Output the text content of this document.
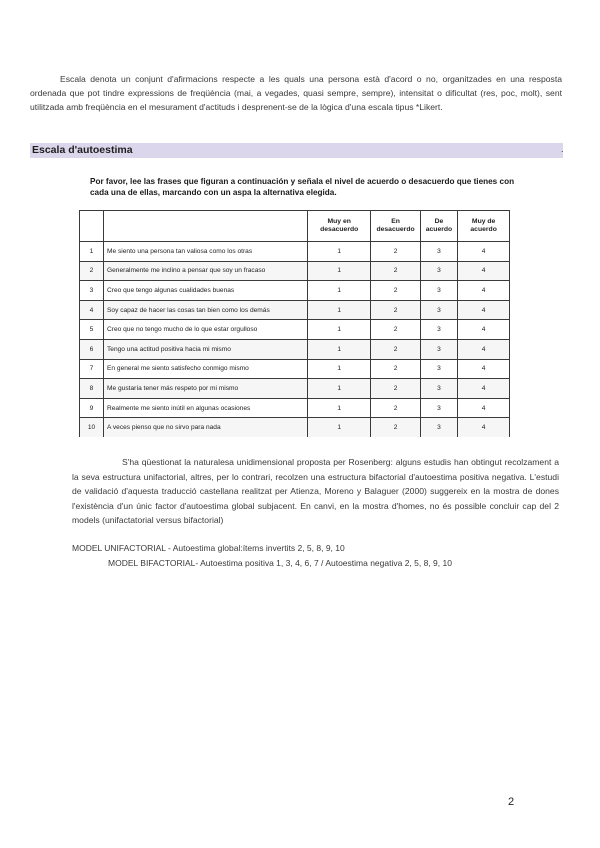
Escala denota un conjunt d'afirmacions respecte a les quals una persona està d'acord o no, organitzades en una resposta ordenada que pot tindre expressions de freqüència (mai, a vegades, quasi sempre, sempre), intensitat o dificultat (res, poc, molt), sent utilitzada amb freqüència en el mesurament d'actituds i desprenent-se de la lògica d'una escala tipus *Likert.

Escala d'autoestima	.

Por favor, lee las frases que figuran a continuación y señala el nivel de acuerdo o desacuerdo que tienes con cada una de ellas, marcando con un aspa la alternativa elegida.

		Muy en desacuerdo	En desacuerdo	De acuerdo	Muy de acuerdo
1	Me siento una persona tan valiosa como los otras	1	2	3	4
2	Generalmente me inclino a pensar que soy un fracaso	1	2	3	4
3	Creo que tengo algunas cualidades buenas	1	2	3	4
4	Soy capaz de hacer las cosas tan bien como los demás	1	2	3	4
5	Creo que no tengo mucho de lo que estar orgulloso	1	2	3	4
6	Tengo una actitud positiva hacia mi mismo	1	2	3	4
7	En general me siento satisfecho conmigo mismo	1	2	3	4
8	Me gustaría tener más respeto por mi mismo	1	2	3	4
9	Realmente me siento inútil en algunas ocasiones	1	2	3	4
10	A veces pienso que no sirvo para nada	1	2	3	4

S'ha qüestionat la naturalesa unidimensional proposta per Rosenberg: alguns estudis han obtingut recolzament a la seva estructura unifactorial, altres, per lo contrari, recolzen una estructura bifactorial d'autoestima positiva negativa. L'estudi de validació d'aquesta traducció castellana realitzat per Atienza, Moreno y Balaguer (2000) suggereix en la mostra de dones l'existència d'un únic factor d'autoestima global subjacent. En canvi, en la mostra d'homes, no és possible concluir cap del 2 models (unifactatorial versus bifactorial)

MODEL UNIFACTORIAL - Autoestima global:ítems invertits 2, 5, 8, 9, 10
MODEL BIFACTORIAL- Autoestima positiva 1, 3, 4, 6, 7 / Autoestima negativa 2, 5, 8, 9, 10
2
